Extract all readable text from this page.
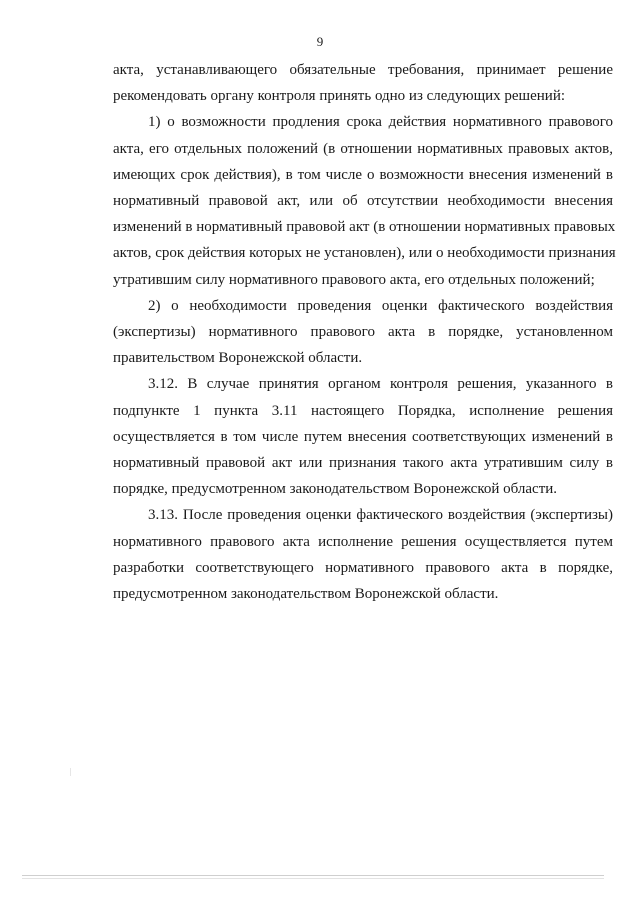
9

акта, устанавливающего обязательные требования, принимает решение
рекомендовать органу контроля принять одно из следующих решений:

1) о возможности продления срока действия нормативного правового
акта, его отдельных положений (в отношении нормативных правовых актов,
имеющих срок действия), в том числе о возможности внесения изменений в
нормативный правовой акт, или об отсутствии необходимости внесения
изменений в нормативный правовой акт (в отношении нормативных правовых
актов, срок действия которых не установлен), или о необходимости признания
утратившим силу нормативного правового акта, его отдельных положений;

2) о необходимости проведения оценки фактического воздействия
(экспертизы) нормативного правового акта в порядке, установленном
правительством Воронежской области.

3.12. В случае принятия органом контроля решения, указанного в
подпункте 1 пункта 3.11 настоящего Порядка, исполнение решения
осуществляется в том числе путем внесения соответствующих изменений в
нормативный правовой акт или признания такого акта утратившим силу в
порядке, предусмотренном законодательством Воронежской области.

3.13. После проведения оценки фактического воздействия (экспертизы)
нормативного правового акта исполнение решения осуществляется путем
разработки соответствующего нормативного правового акта в порядке,
предусмотренном законодательством Воронежской области.
